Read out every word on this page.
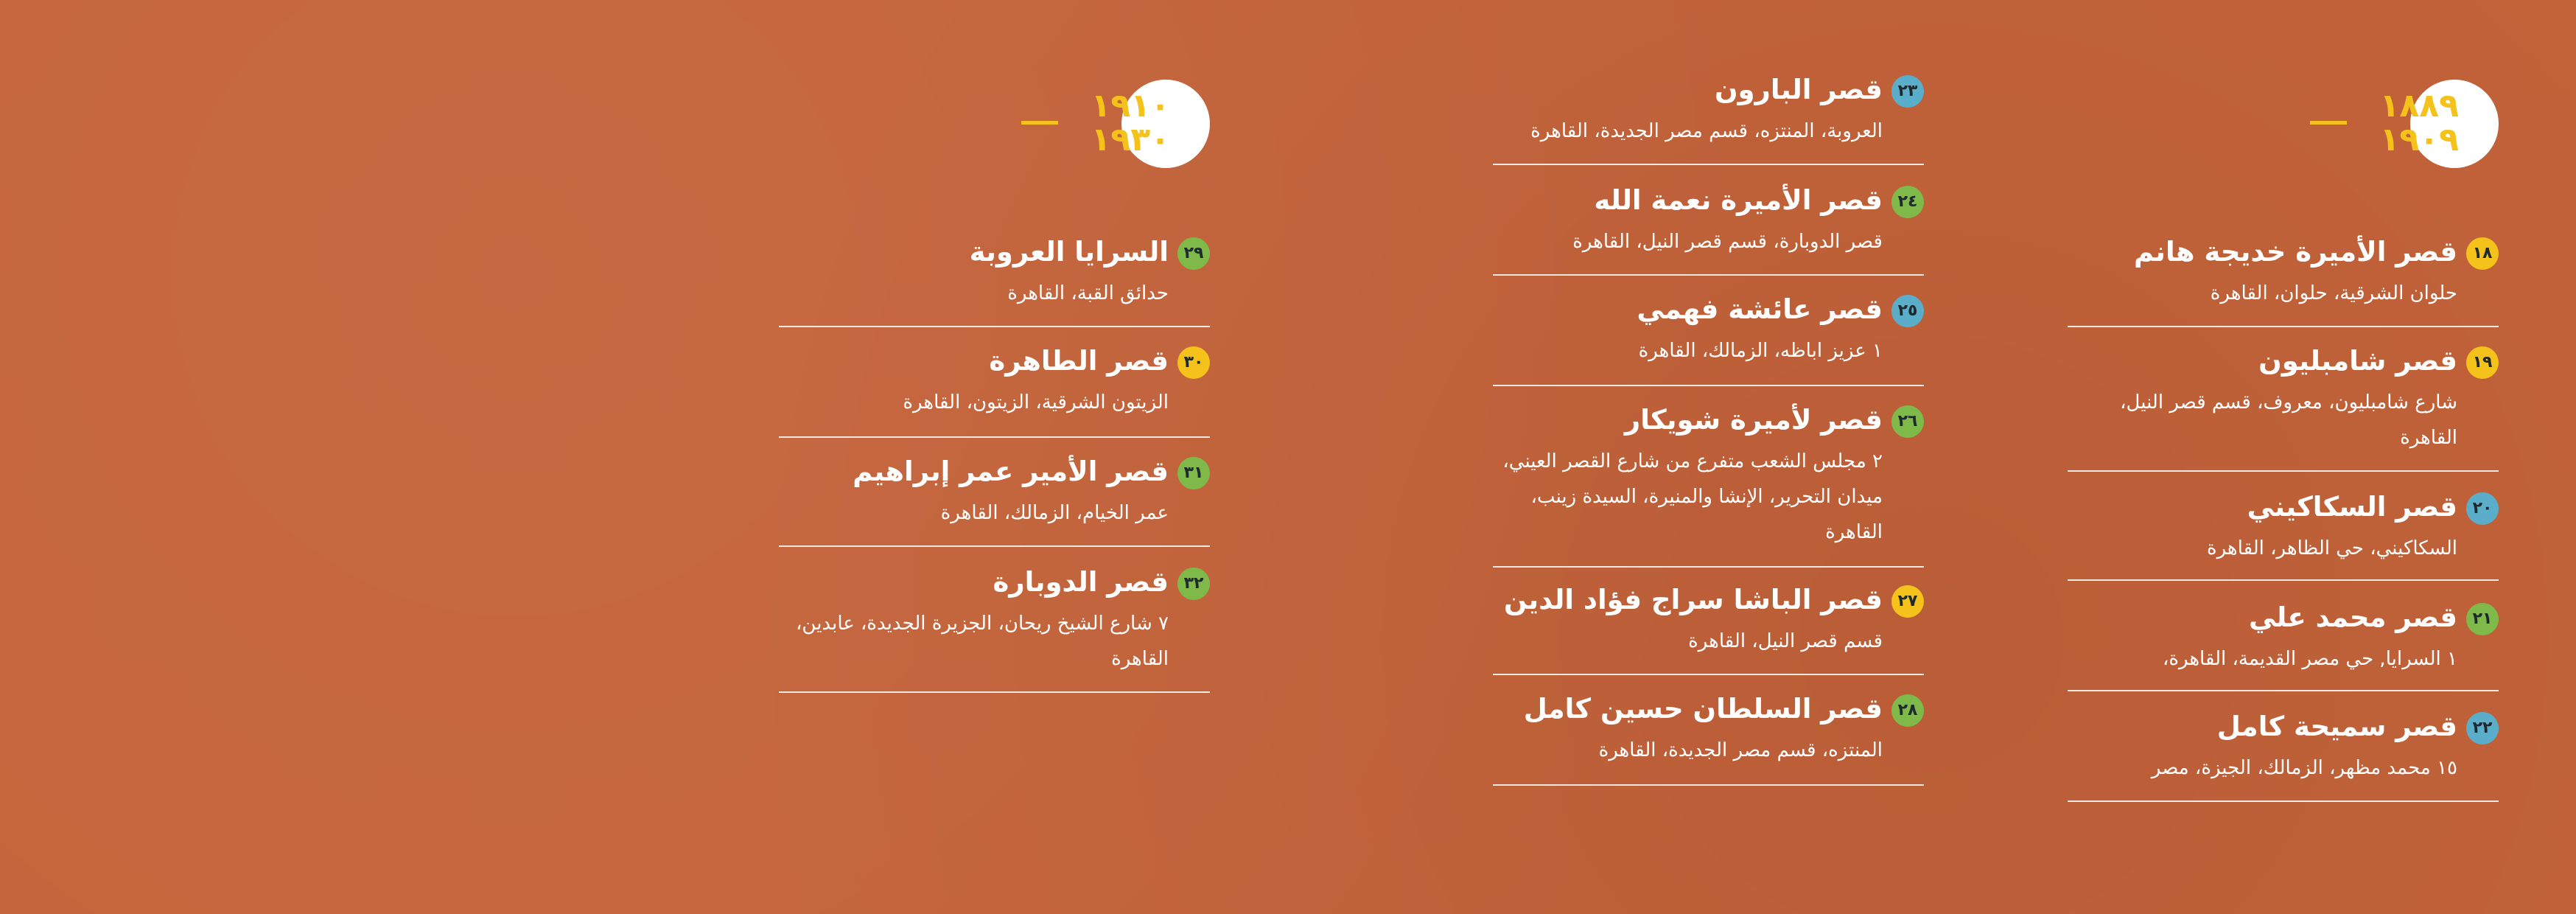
١٨٨٩
١٩٠٩
١٨
قصر الأميرة خديجة هانم
حلوان الشرقية، حلوان، القاهرة
١٩
قصر شامبليون
شارع شامبليون، معروف، قسم قصر النيل، القاهرة
٢٠
قصر السكاكيني
السكاكيني، حي الظاهر، القاهرة
٢١
قصر محمد علي
١ السرايا, حي مصر القديمة، القاهرة،
٢٢
قصر سميحة كامل
١٥ محمد مظهر، الزمالك، الجيزة، مصر
٢٣
قصر البارون
العروبة، المنتزه، قسم مصر الجديدة، القاهرة
٢٤
قصر الأميرة نعمة الله
قصر الدوبارة، قسم قصر النيل، القاهرة
٢٥
قصر عائشة فهمي
١ عزيز اباظه، الزمالك، القاهرة
٢٦
قصر لأميرة شويكار
٢ مجلس الشعب متفرع من شارع القصر العيني، ميدان التحرير، الإنشا والمنيرة، السيدة زينب، القاهرة
٢٧
قصر الباشا سراج فؤاد الدين
قسم قصر النيل، القاهرة
٢٨
قصر السلطان حسين كامل
المنتزه، قسم مصر الجديدة، القاهرة
١٩١٠
١٩٣٠
٢٩
السرايا العروبة
حدائق القبة، القاهرة
٣٠
قصر الطاهرة
الزيتون الشرقية، الزيتون، القاهرة
٣١
قصر الأمير عمر إبراهيم
عمر الخيام، الزمالك، القاهرة
٣٢
قصر الدوبارة
٧ شارع الشيخ ريحان، الجزيرة الجديدة، عابدين، القاهرة
